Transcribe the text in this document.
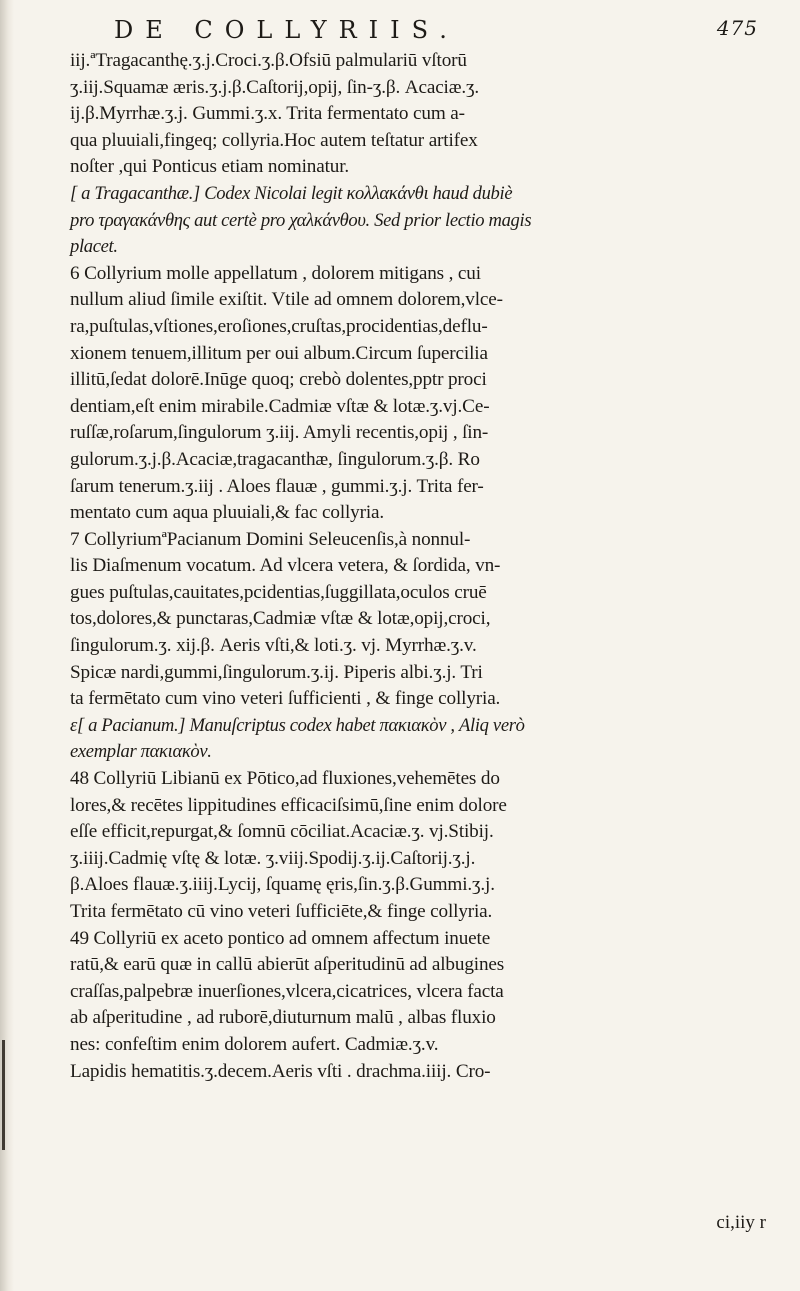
DE COLLYRIIS.	475
iij.ªTragacanthę.ʒ.j.Croci.ʒ.β.Ofsiū palmulariū vſtorū
ʒ.iij.Squamæ æris.ʒ.j.β.Caſtorij,opij, ſin-ʒ.β. Acaciæ.ʒ.
ij.β.Myrrhæ.ʒ.j. Gummi.ʒ.x. Trita fermentato cum a-
qua pluuiali,fingeq; collyria.Hoc autem teſtatur artifex
noſter ,qui Ponticus etiam nominatur.
[ a Tragacanthæ.] Codex Nicolai legit κολλακάνθι haud dubiè
pro τραγακάνθης aut certè pro χαλκάνθου. Sed prior lectio magis
placet.
6 Collyrium molle appellatum , dolorem mitigans , cui
nullum aliud ſimile exiſtit. Vtile ad omnem dolorem,vlce-
ra,puſtulas,vſtiones,eroſiones,cruſtas,procidentias,deflu-
xionem tenuem,illitum per oui album.Circum ſupercilia
illitū,ſedat dolorē.Inūge quoq; crebò dolentes,pptr proci
dentiam,eſt enim mirabile.Cadmiæ vſtæ & lotæ.ʒ.vj.Ce-
ruſſæ,roſarum,ſingulorum ʒ.iij. Amyli recentis,opij , ſin-
gulorum.ʒ.j.β.Acaciæ,tragacanthæ, ſingulorum.ʒ.β. Ro
ſarum tenerum.ʒ.iij . Aloes flauæ , gummi.ʒ.j. Trita fer-
mentato cum aqua pluuiali,& fac collyria.
7 CollyriumªPacianum Domini Seleucenſis,à nonnul-
lis Diaſmenum vocatum. Ad vlcera vetera, & ſordida, vn-
gues puſtulas,cauitates,pcidentias,ſuggillata,oculos cruē
tos,dolores,& punctaras,Cadmiæ vſtæ & lotæ,opij,croci,
ſingulorum.ʒ. xij.β. Aeris vſti,& loti.ʒ. vj. Myrrhæ.ʒ.v.
Spicæ nardi,gummi,ſingulorum.ʒ.ij. Piperis albi.ʒ.j. Tri
ta fermētato cum vino veteri ſufficienti , & finge collyria.
ε[ a Pacianum.] Manuſcriptus codex habet πακιακὸν , Aliq verò
exemplar πακιακὸν.
48 Collyriū Libianū ex Pōtico,ad fluxiones,vehemētes do
lores,& recētes lippitudines efficaciſsimū,ſine enim dolore
eſſe efficit,repurgat,& ſomnū cōciliat.Acaciæ.ʒ. vj.Stibij.
ʒ.iiij.Cadmię vſtę & lotæ. ʒ.viij.Spodij.ʒ.ij.Caſtorij.ʒ.j.
β.Aloes flauæ.ʒ.iiij.Lycij, ſquamę ęris,ſin.ʒ.β.Gummi.ʒ.j.
Trita fermētato cū vino veteri ſufficiēte,& finge collyria.
49 Collyriū ex aceto pontico ad omnem affectum inuete
ratū,& earū quæ in callū abierūt aſperitudinū ad albugines
craſſas,palpebræ inuerſiones,vlcera,cicatrices, vlcera facta
ab aſperitudine , ad ruborē,diuturnum malū , albas fluxio
nes: confeſtim enim dolorem aufert. Cadmiæ.ʒ.v.
Lapidis hematitis.ʒ.decem.Aeris vſti . drachma.iiij. Cro-
ci,iiy r
